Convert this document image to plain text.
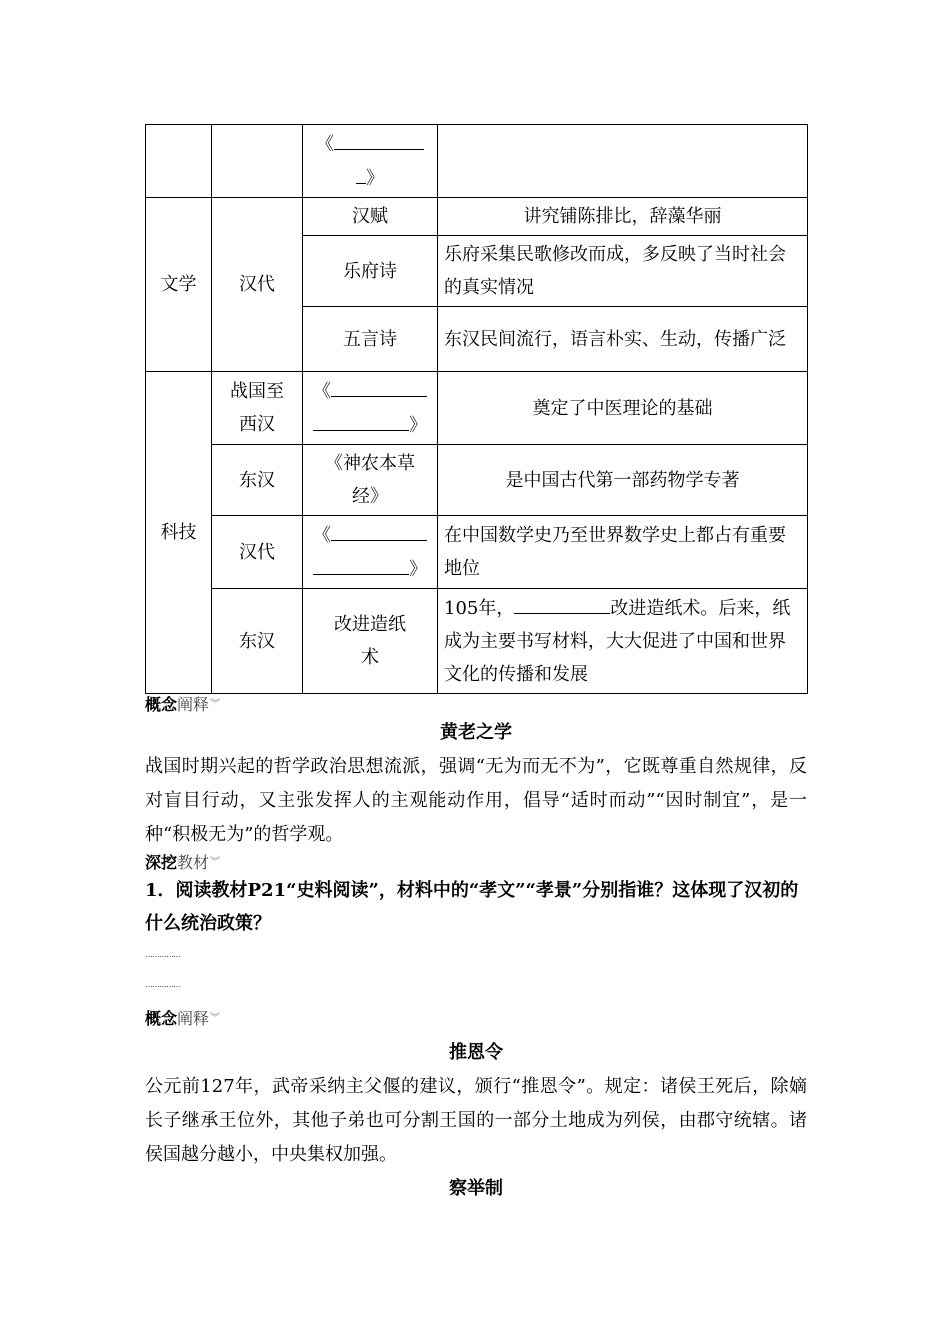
		《
》	
文学	汉代	汉赋	讲究铺陈排比，辞藻华丽
		乐府诗	乐府采集民歌修改而成，多反映了当时社会的真实情况
		五言诗	东汉民间流行，语言朴实、生动，传播广泛
科技	战国至西汉	《
》	奠定了中医理论的基础
	东汉	《神农本草经》	是中国古代第一部药物学专著
	汉代	《
》	在中国数学史乃至世界数学史上都占有重要地位
	东汉	改进造纸术	105年， 改进造纸术。后来，纸成为主要书写材料，大大促进了中国和世界文化的传播和发展
概念阐释︾
黄老之学
战国时期兴起的哲学政治思想流派，强调“无为而无不为”，它既尊重自然规律，反对盲目行动，又主张发挥人的主观能动作用，倡导“适时而动”“因时制宜”，是一种“积极无为”的哲学观。
深挖教材︾
1．阅读教材P21“史料阅读”，材料中的“孝文”“孝景”分别指谁？这体现了汉初的什么统治政策？
……………
……………
概念阐释︾
推恩令
公元前127年，武帝采纳主父偃的建议，颁行“推恩令”。规定：诸侯王死后，除嫡长子继承王位外，其他子弟也可分割王国的一部分土地成为列侯，由郡守统辖。诸侯国越分越小，中央集权加强。
察举制
